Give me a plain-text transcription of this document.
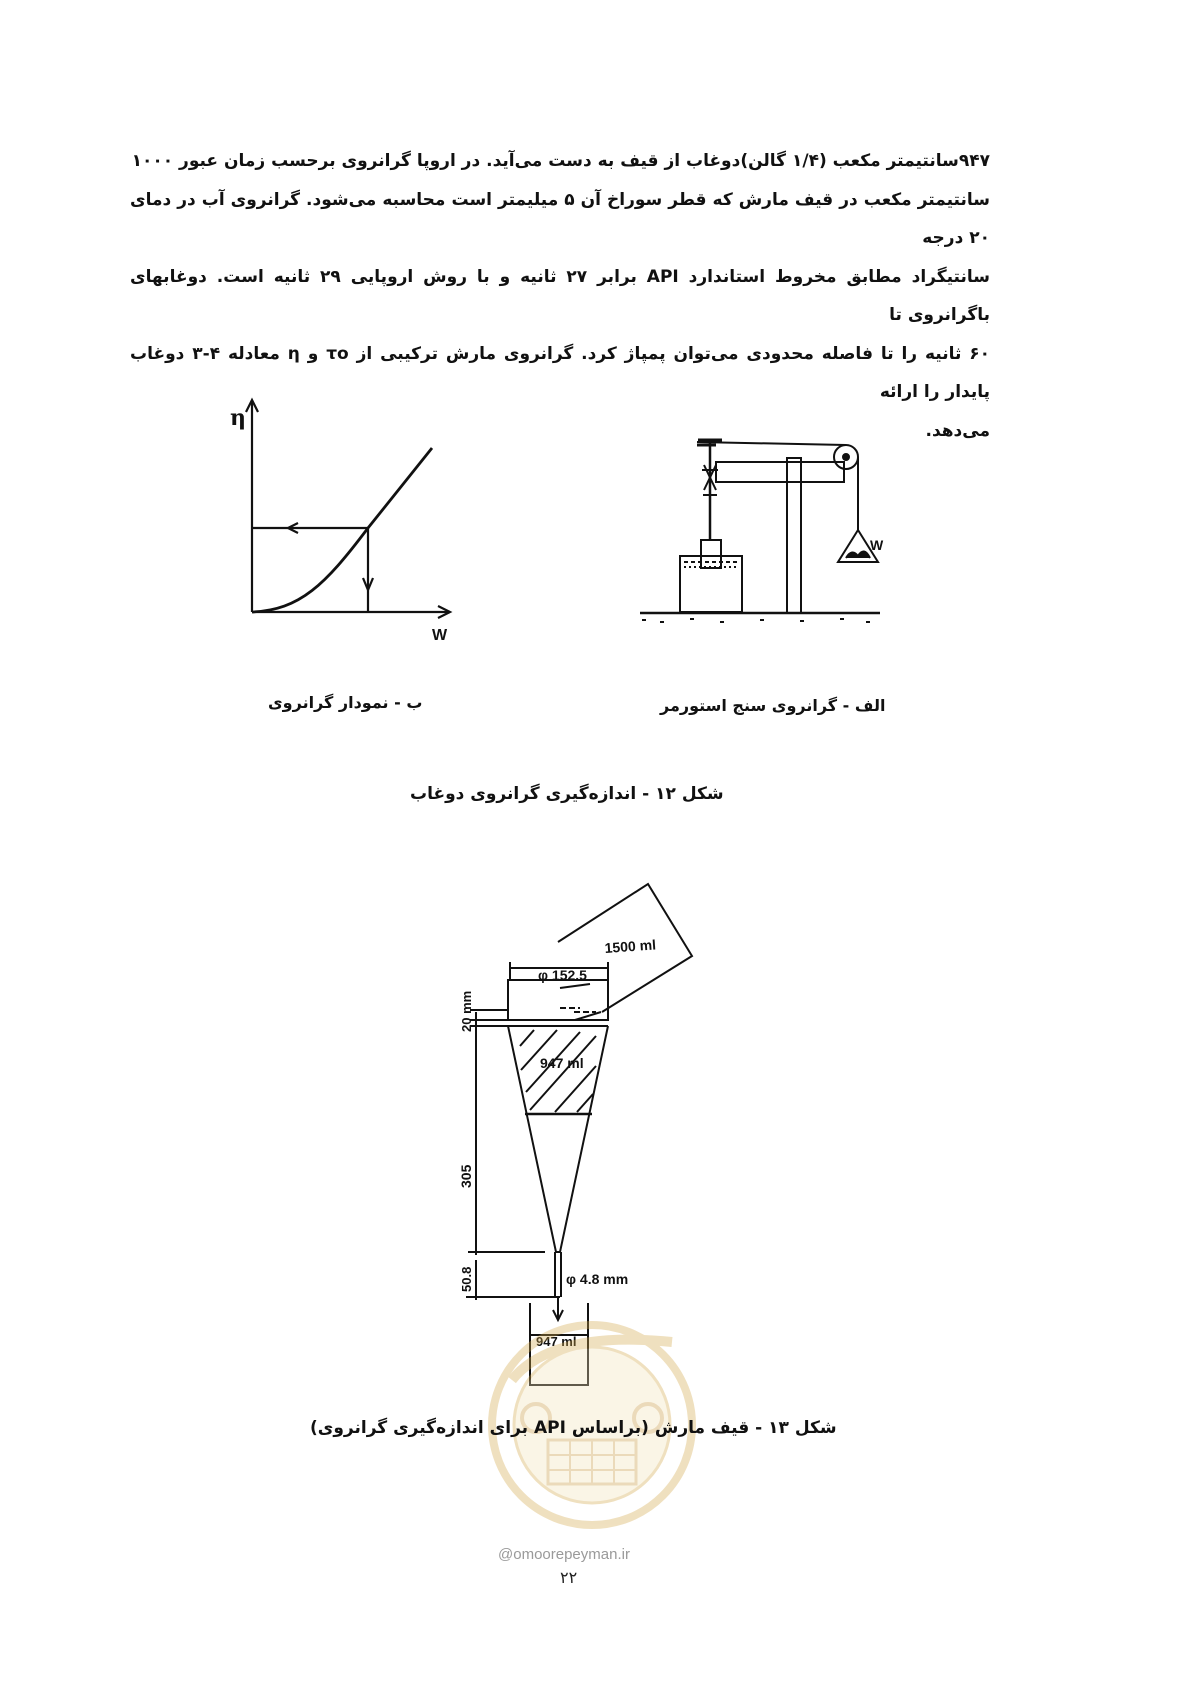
۹۴۷سانتیمتر مکعب (۱/۴ گالن)دوغاب از قیف به دست می‌آید. در اروپا گرانروی برحسب زمان عبور ۱۰۰۰
سانتیمتر مکعب در قیف مارش که قطر سوراخ آن ۵ میلیمتر است محاسبه می‌شود. گرانروی آب در دمای ۲۰ درجه
سانتیگراد مطابق مخروط استاندارد API برابر ۲۷ ثانیه و با روش اروپایی ۲۹ ثانیه است. دوغابهای باگرانروی تا
۶۰ ثانیه را تا فاصله محدودی می‌توان پمپاژ کرد. گرانروی مارش ترکیبی از τo و η معادله ۴-۳ دوغاب پایدار را ارائه
می‌دهد.
η
W
W
1500 ml
φ 152.5
20 mm
947 ml
305
50.8	φ 4.8 mm
947 ml
ب - نمودار گرانروی	الف - گرانروی سنج استورمر
شکل ۱۲ - اندازه‌گیری گرانروی دوغاب
شکل ۱۳ - قیف مارش (براساس API برای اندازه‌گیری گرانروی)
@omoorepeyman.ir
۲۲
